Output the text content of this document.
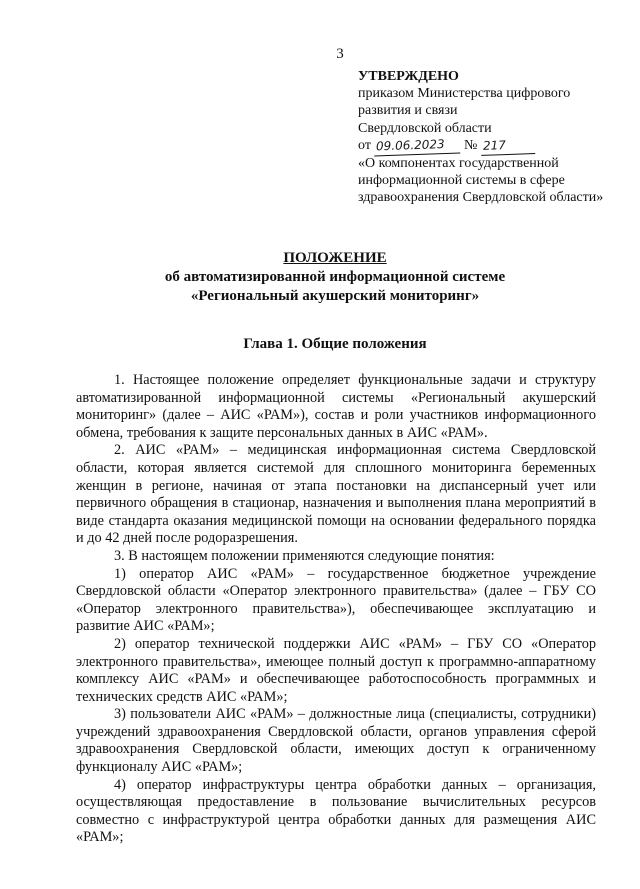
3
УТВЕРЖДЕНО
приказом Министерства цифрового
развития и связи
Свердловской области
от 09.06.2023 № 217
«О компонентах государственной информационной системы в сфере здравоохранения Свердловской области»
ПОЛОЖЕНИЕ
об автоматизированной информационной системе
«Региональный акушерский мониторинг»
Глава 1. Общие положения

1. Настоящее положение определяет функциональные задачи и структуру автоматизированной информационной системы «Региональный акушерский мониторинг» (далее – АИС «РАМ»), состав и роли участников информационного обмена, требования к защите персональных данных в АИС «РАМ».

2. АИС «РАМ» – медицинская информационная система Свердловской области, которая является системой для сплошного мониторинга беременных женщин в регионе, начиная от этапа постановки на диспансерный учет или первичного обращения в стационар, назначения и выполнения плана мероприятий в виде стандарта оказания медицинской помощи на основании федерального порядка и до 42 дней после родоразрешения.

3. В настоящем положении применяются следующие понятия:

1) оператор АИС «РАМ» – государственное бюджетное учреждение Свердловской области «Оператор электронного правительства» (далее – ГБУ СО «Оператор электронного правительства»), обеспечивающее эксплуатацию и развитие АИС «РАМ»;

2) оператор технической поддержки АИС «РАМ» – ГБУ СО «Оператор электронного правительства», имеющее полный доступ к программно-аппаратному комплексу АИС «РАМ» и обеспечивающее работоспособность программных и технических средств АИС «РАМ»;

3) пользователи АИС «РАМ» – должностные лица (специалисты, сотрудники) учреждений здравоохранения Свердловской области, органов управления сферой здравоохранения Свердловской области, имеющих доступ к ограниченному функционалу АИС «РАМ»;

4) оператор инфраструктуры центра обработки данных – организация, осуществляющая предоставление в пользование вычислительных ресурсов совместно с инфраструктурой центра обработки данных для размещения АИС «РАМ»;
